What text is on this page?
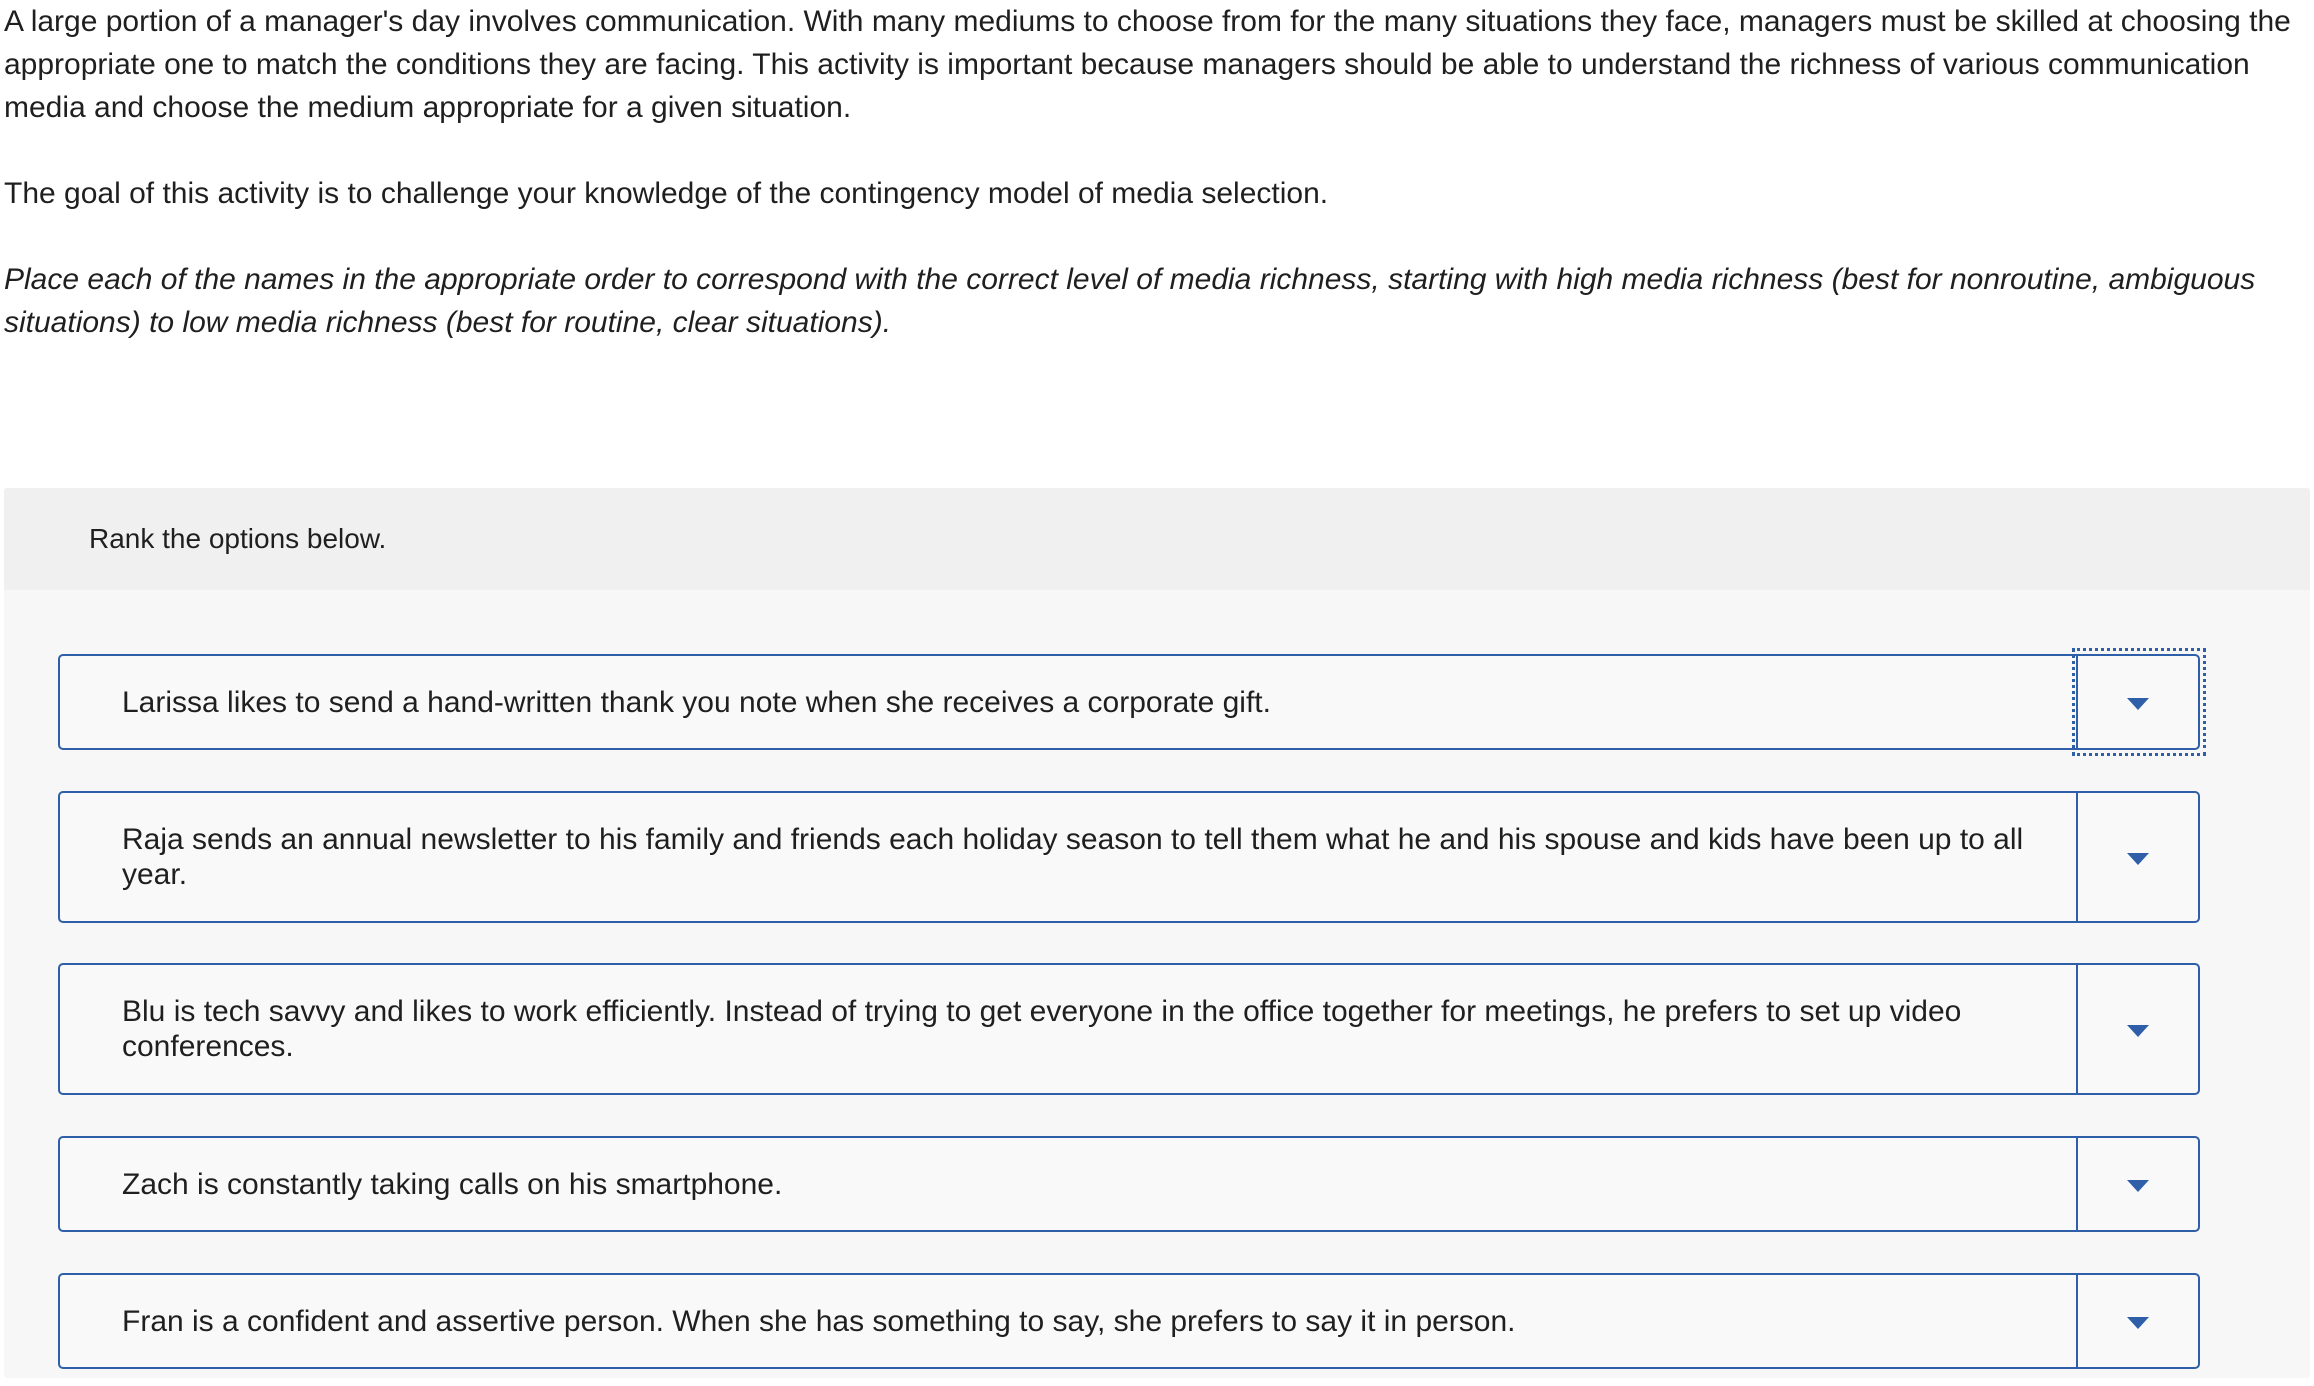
A large portion of a manager's day involves communication. With many mediums to choose from for the many situations they face, managers must be skilled at choosing the appropriate one to match the conditions they are facing. This activity is important because managers should be able to understand the richness of various communication media and choose the medium appropriate for a given situation.

The goal of this activity is to challenge your knowledge of the contingency model of media selection.

Place each of the names in the appropriate order to correspond with the correct level of media richness, starting with high media richness (best for nonroutine, ambiguous situations) to low media richness (best for routine, clear situations).

Rank the options below.
Larissa likes to send a hand-written thank you note when she receives a corporate gift.
Raja sends an annual newsletter to his family and friends each holiday season to tell them what he and his spouse and kids have been up to all year.
Blu is tech savvy and likes to work efficiently. Instead of trying to get everyone in the office together for meetings, he prefers to set up video conferences.
Zach is constantly taking calls on his smartphone.
Fran is a confident and assertive person. When she has something to say, she prefers to say it in person.
